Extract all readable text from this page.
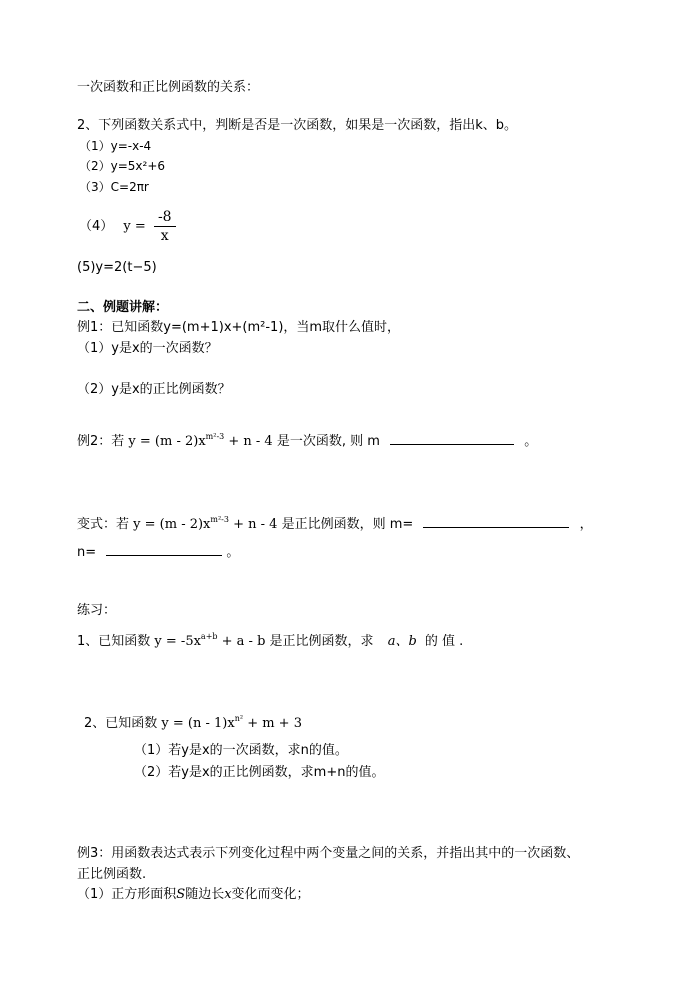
一次函数和正比例函数的关系：
2、下列函数关系式中，判断是否是一次函数，如果是一次函数，指出k、b。
（1）y=-x-4
（2）y=5x²+6
（3）C=2πr
（4） $y = \frac{-8}{x}$
(5)y=2(t−5)
二、例题讲解：
例1：已知函数y=(m+1)x+(m²-1)，当m取什么值时，
（1）y是x的一次函数？
（2）y是x的正比例函数？
例2：若 $y = (m - 2)x^{m^2-3} + n - 4$ 是一次函数, 则 m	。
变式：若 $y = (m - 2)x^{m^2-3} + n - 4$ 是正比例函数，则 m=	，
n=	。
练习：
1、已知函数 $y = -5x^{a+b} + a - b$ 是正比例函数，求 a、b 的 值 .
2、已知函数 $y = (n - 1)x^{n^2} + m + 3$
（1）若y是x的一次函数，求n的值。
（2）若y是x的正比例函数，求m+n的值。
例3：用函数表达式表示下列变化过程中两个变量之间的关系，并指出其中的一次函数、
正比例函数.
（1）正方形面积S随边长x变化而变化；
